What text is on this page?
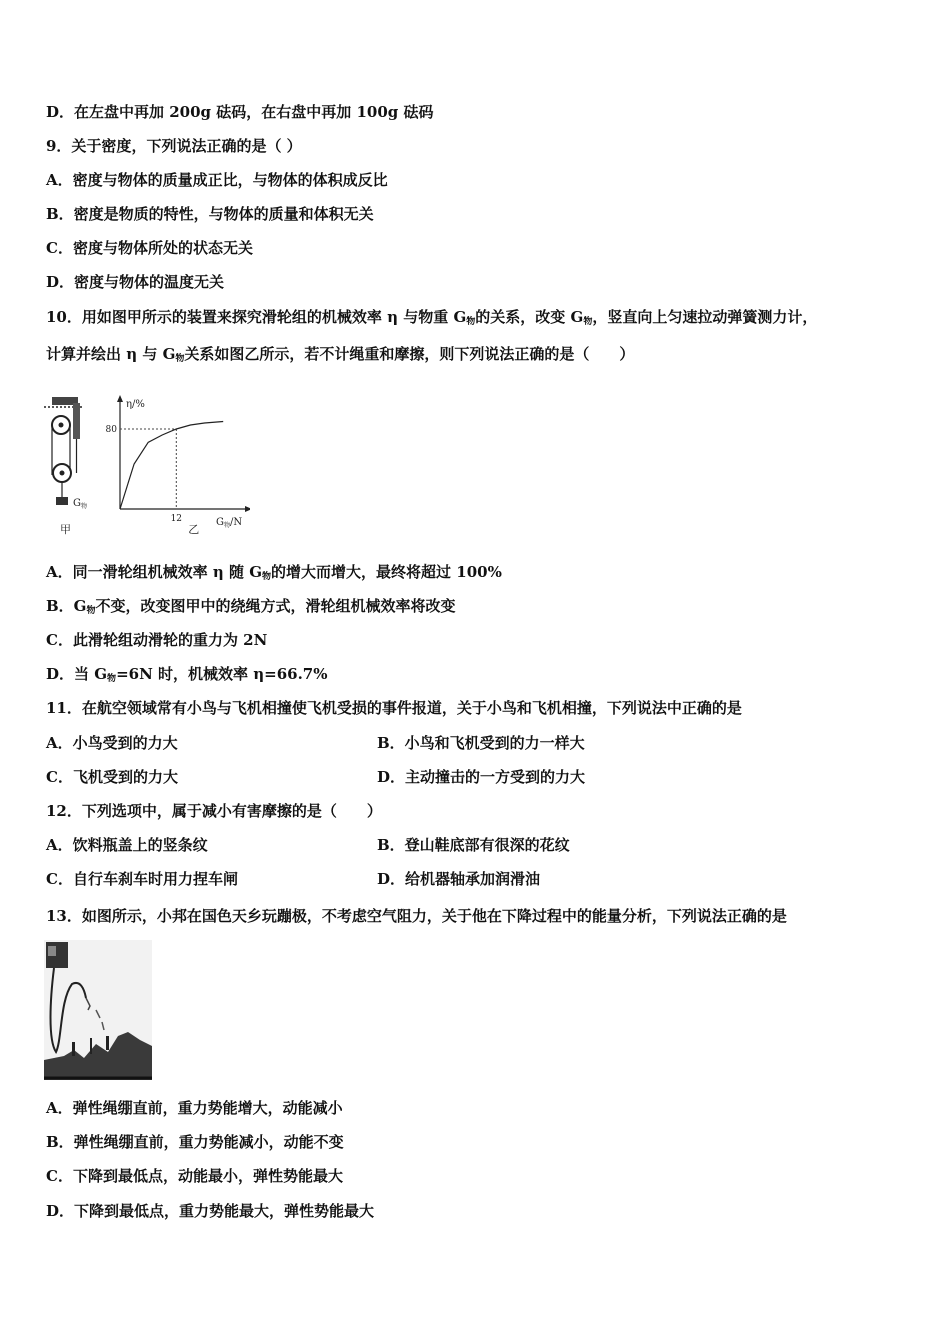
D．在左盘中再加 200g 砝码，在右盘中再加 100g 砝码
9．关于密度，下列说法正确的是（ ）
A．密度与物体的质量成正比，与物体的体积成反比
B．密度是物质的特性，与物体的质量和体积无关
C．密度与物体所处的状态无关
D．密度与物体的温度无关
10．用如图甲所示的装置来探究滑轮组的机械效率 η 与物重 $G_物$的关系，改变 $G_物$，竖直向上匀速拉动弹簧测力计，
计算并绘出 η 与 $G_物$关系如图乙所示，若不计绳重和摩擦，则下列说法正确的是（　　）
$G_物$
甲
η/%
$G_物/N$
80
12
乙
A．同一滑轮组机械效率 η 随 $G_物$的增大而增大，最终将超过 100%
B．$G_物$不变，改变图甲中的绕绳方式，滑轮组机械效率将改变
C．此滑轮组动滑轮的重力为 2N
D．当 $G_物=6N$ 时，机械效率 η=66.7%
11．在航空领域常有小鸟与飞机相撞使飞机受损的事件报道，关于小鸟和飞机相撞，下列说法中正确的是
A．小鸟受到的力大	B．小鸟和飞机受到的力一样大
C．飞机受到的力大	D．主动撞击的一方受到的力大
12．下列选项中，属于减小有害摩擦的是（　　）
A．饮料瓶盖上的竖条纹	B．登山鞋底部有很深的花纹
C．自行车刹车时用力捏车闸	D．给机器轴承加润滑油
13．如图所示，小邦在国色天乡玩蹦极，不考虑空气阻力，关于他在下降过程中的能量分析，下列说法正确的是
A．弹性绳绷直前，重力势能增大，动能减小
B．弹性绳绷直前，重力势能减小，动能不变
C．下降到最低点，动能最小，弹性势能最大
D．下降到最低点，重力势能最大，弹性势能最大
